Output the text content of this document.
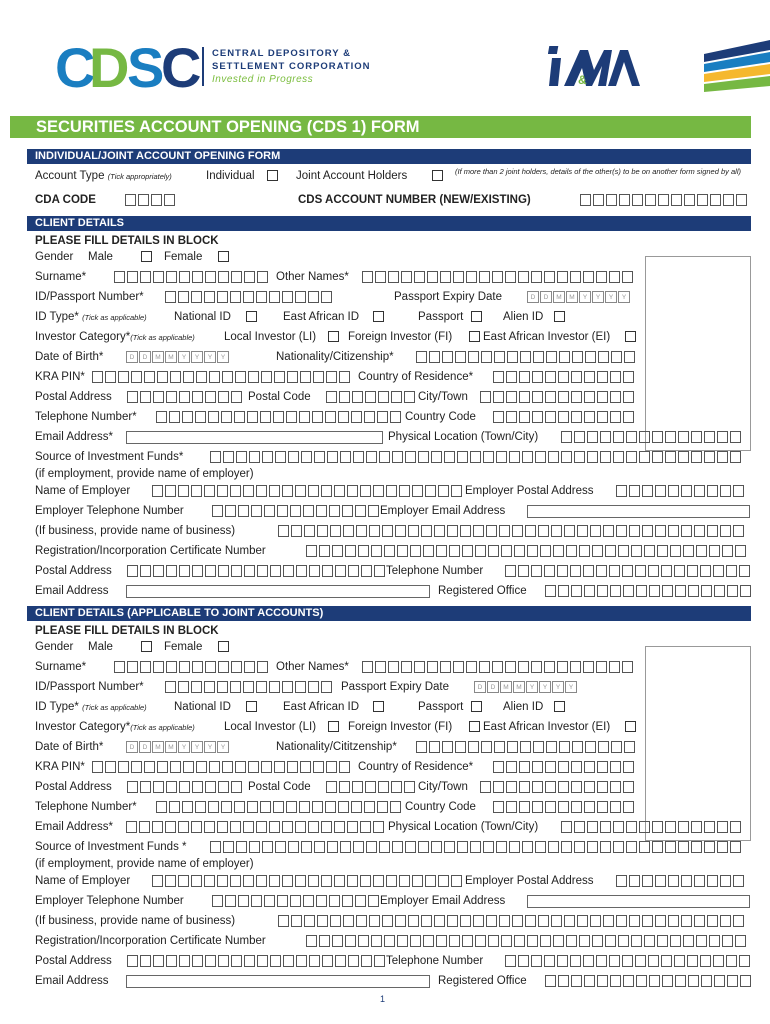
C
D S C CENTRAL DEPOSITORY &
SETTLEMENT CORPORATION
Invested in Progress	&
SECURITIES ACCOUNT OPENING (CDS 1) FORM
INDIVIDUAL/JOINT ACCOUNT OPENING FORM
Account Type (Tick appropriately)	Individual	Joint Account Holders	(If more than 2 joint holders, details of the other(s) to be on another form signed by all)
CDA CODE	CDS ACCOUNT NUMBER (NEW/EXISTING)
CLIENT DETAILS
PLEASE FILL DETAILS IN BLOCK
Gender Male	Female
Surname*	Other Names*
ID/Passport Number*	Passport Expiry Date	D	D	M	M	Y	Y	Y	Y
ID Type* (Tick as applicable) National ID	East African ID	Passport	Alien ID
Investor Category*(Tick as applicable)	Local Investor (LI)	Foreign Investor (FI)	East African Investor (EI)
Date of Birth*	D	D	M	M	Y	Y	Y	Y	Nationality/Citizenship*
KRA PIN*	Country of Residence*
Postal Address	Postal Code	City/Town
Telephone Number*	Country Code
Email Address*	Physical Location (Town/City)
Source of Investment Funds*
(if employment, provide name of employer)
Name of Employer	Employer Postal Address
Employer Telephone Number	Employer Email Address
(If business, provide name of business)
Registration/Incorporation Certificate Number
Postal Address	Telephone Number
Email Address	Registered Office
CLIENT DETAILS (APPLICABLE TO JOINT ACCOUNTS)
PLEASE FILL DETAILS IN BLOCK
Gender Male	Female
Surname*	Other Names*
ID/Passport Number*	Passport Expiry Date	D	D	M	M	Y	Y	Y	Y
ID Type* (Tick as applicable) National ID	East African ID	Passport	Alien ID
Investor Category*(Tick as applicable)	Local Investor (LI)	Foreign Investor (FI)	East African Investor (EI)
Date of Birth*	D	D	M	M	Y	Y	Y	Y	Nationality/Cititzenship*
KRA PIN*	Country of Residence*
Postal Address	Postal Code	City/Town
Telephone Number*	Country Code
Email Address*	Physical Location (Town/City)
Source of Investment Funds *
(if employment, provide name of employer)
Name of Employer	Employer Postal Address
Employer Telephone Number	Employer Email Address
(If business, provide name of business)
Registration/Incorporation Certificate Number
Postal Address	Telephone Number
Email Address	Registered Office
1
